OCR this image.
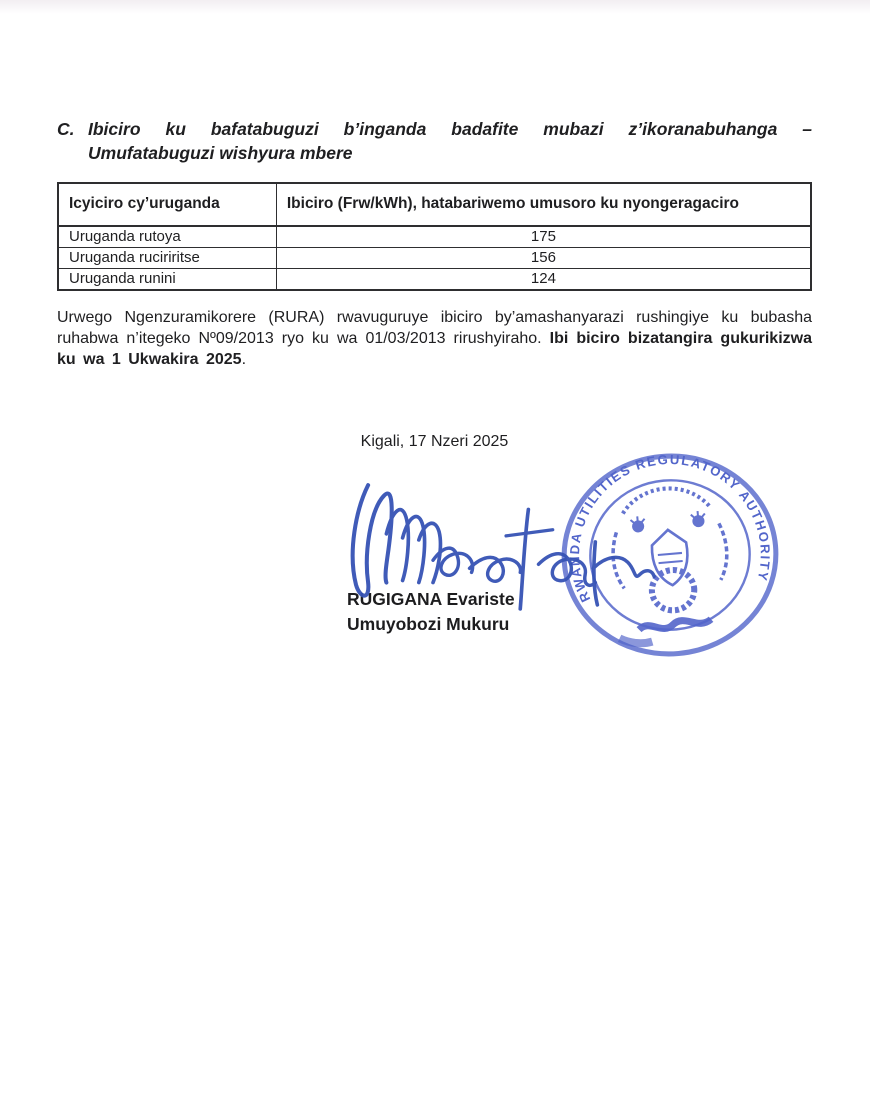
C. Ibiciro ku bafatabuguzi b’inganda badafite mubazi z’ikoranabuhanga –
Umufatabuguzi wishyura mbere
Icyiciro cy’uruganda	Ibiciro (Frw/kWh), hatabariwemo umusoro ku nyongeragaciro
Uruganda rutoya	175
Uruganda ruciriritse	156
Uruganda runini	124

Urwego Ngenzuramikorere (RURA) rwavuguruye ibiciro by’amashanyarazi rushingiye ku bubasha ruhabwa n’itegeko Nº09/2013 ryo ku wa 01/03/2013 rirushyiraho. Ibi biciro bizatangira gukurikizwa ku wa 1 Ukwakira 2025.

Kigali, 17 Nzeri 2025
RWANDA UTILITIES REGULATORY AUTHORITY
RUGIGANA Evariste
Umuyobozi Mukuru
